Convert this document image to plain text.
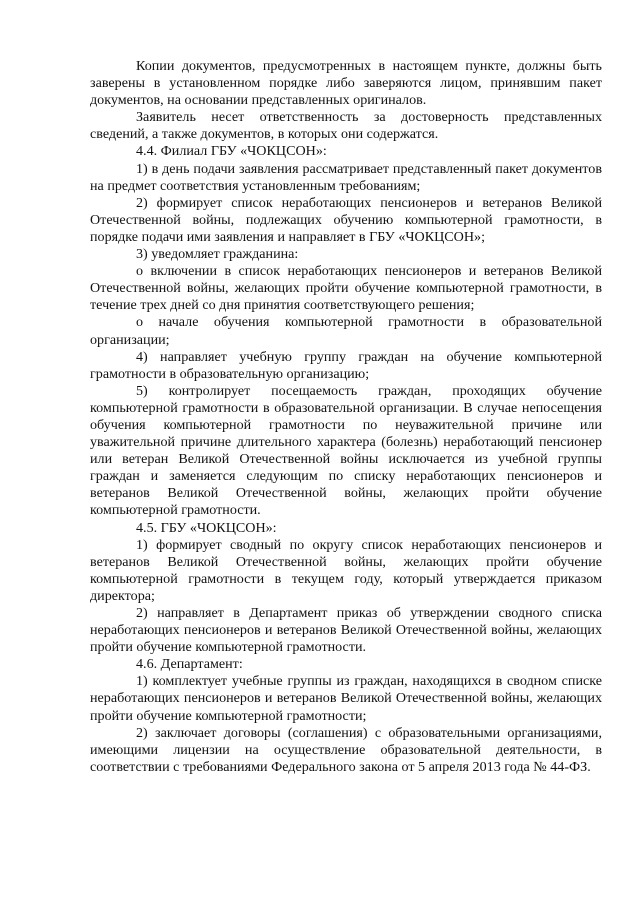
Копии документов, предусмотренных в настоящем пункте, должны быть заверены в установленном порядке либо заверяются лицом, принявшим пакет документов, на основании представленных оригиналов.

Заявитель несет ответственность за достоверность представленных сведений, а также документов, в которых они содержатся.

4.4. Филиал ГБУ «ЧОКЦСОН»:

1) в день подачи заявления рассматривает представленный пакет документов на предмет соответствия установленным требованиям;

2) формирует список неработающих пенсионеров и ветеранов Великой Отечественной войны, подлежащих обучению компьютерной грамотности, в порядке подачи ими заявления и направляет в ГБУ «ЧОКЦСОН»;

3) уведомляет гражданина:

о включении в список неработающих пенсионеров и ветеранов Великой Отечественной войны, желающих пройти обучение компьютерной грамотности, в течение трех дней со дня принятия соответствующего решения;

о начале обучения компьютерной грамотности в образовательной организации;

4) направляет учебную группу граждан на обучение компьютерной грамотности в образовательную организацию;

5) контролирует посещаемость граждан, проходящих обучение компьютерной грамотности в образовательной организации. В случае непосещения обучения компьютерной грамотности по неуважительной причине или уважительной причине длительного характера (болезнь) неработающий пенсионер или ветеран Великой Отечественной войны исключается из учебной группы граждан и заменяется следующим по списку неработающих пенсионеров и ветеранов Великой Отечественной войны, желающих пройти обучение компьютерной грамотности.

4.5. ГБУ «ЧОКЦСОН»:

1) формирует сводный по округу список неработающих пенсионеров и ветеранов Великой Отечественной войны, желающих пройти обучение компьютерной грамотности в текущем году, который утверждается приказом директора;

2) направляет в Департамент приказ об утверждении сводного списка неработающих пенсионеров и ветеранов Великой Отечественной войны, желающих пройти обучение компьютерной грамотности.

4.6. Департамент:

1) комплектует учебные группы из граждан, находящихся в сводном списке неработающих пенсионеров и ветеранов Великой Отечественной войны, желающих пройти обучение компьютерной грамотности;

2) заключает договоры (соглашения) с образовательными организациями, имеющими лицензии на осуществление образовательной деятельности, в соответствии с требованиями Федерального закона от 5 апреля 2013 года № 44-ФЗ.
